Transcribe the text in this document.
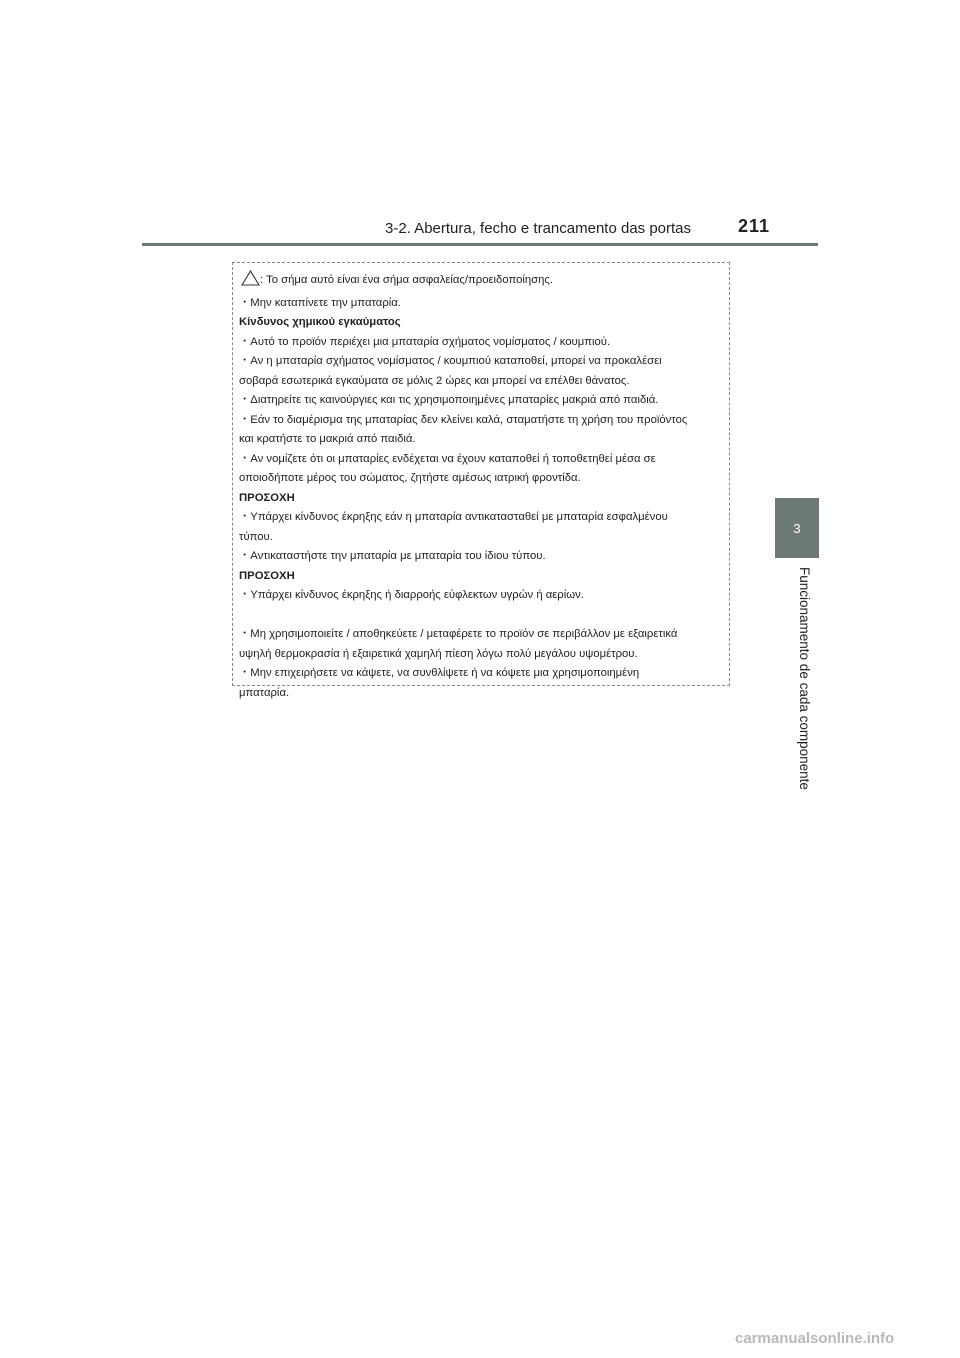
3-2. Abertura, fecho e trancamento das portas	211
3
Funcionamento de cada componente
: Το σήμα αυτό είναι ένα σήμα ασφαλείας/προειδοποίησης.
・Μην καταπίνετε την μπαταρία.
Κίνδυνος χημικού εγκαύματος
・Αυτό το προϊόν περιέχει μια μπαταρία σχήματος νομίσματος / κουμπιού.
・Αν η μπαταρία σχήματος νομίσματος / κουμπιού καταποθεί, μπορεί να προκαλέσει
σοβαρά εσωτερικά εγκαύματα σε μόλις 2 ώρες και μπορεί να επέλθει θάνατος.
・Διατηρείτε τις καινούργιες και τις χρησιμοποιημένες μπαταρίες μακριά από παιδιά.
・Εάν το διαμέρισμα της μπαταρίας δεν κλείνει καλά, σταματήστε τη χρήση του προϊόντος
και κρατήστε το μακριά από παιδιά.
・Αν νομίζετε ότι οι μπαταρίες ενδέχεται να έχουν καταποθεί ή τοποθετηθεί μέσα σε
οποιοδήποτε μέρος του σώματος, ζητήστε αμέσως ιατρική φροντίδα.
ΠΡΟΣΟΧΗ
・Υπάρχει κίνδυνος έκρηξης εάν η μπαταρία αντικατασταθεί με μπαταρία εσφαλμένου
τύπου.
・Αντικαταστήστε την μπαταρία με μπαταρία του ίδιου τύπου.
ΠΡΟΣΟΧΗ
・Υπάρχει κίνδυνος έκρηξης ή διαρροής εύφλεκτων υγρών ή αερίων.
・Μη χρησιμοποιείτε / αποθηκεύετε / μεταφέρετε το προϊόν σε περιβάλλον με εξαιρετικά
υψηλή θερμοκρασία ή εξαιρετικά χαμηλή πίεση λόγω πολύ μεγάλου υψομέτρου.
・Μην επιχειρήσετε να κάψετε, να συνθλίψετε ή να κόψετε μια χρησιμοποιημένη
μπαταρία.
carmanualsonline.info
